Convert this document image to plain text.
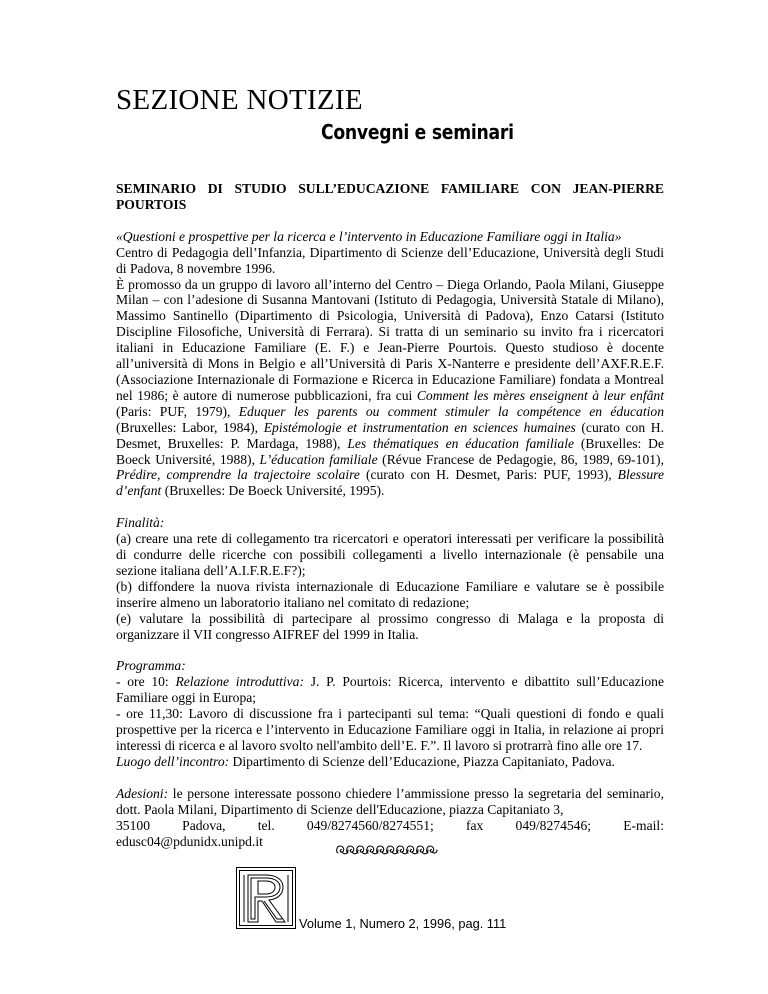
SEZIONE NOTIZIE
Convegni e seminari
SEMINARIO DI STUDIO SULL’EDUCAZIONE FAMILIARE CON JEAN-PIERRE POURTOIS
«Questioni e prospettive per la ricerca e l’intervento in Educazione Familiare oggi in Italia»
Centro di Pedagogia dell’Infanzia, Dipartimento di Scienze dell’Educazione, Università degli Studi di Padova, 8 novembre 1996.
È promosso da un gruppo di lavoro all’interno del Centro – Diega Orlando, Paola Milani, Giuseppe Milan – con l’adesione di Susanna Mantovani (Istituto di Pedagogia, Università Statale di Milano), Massimo Santinello (Dipartimento di Psicologia, Università di Padova), Enzo Catarsi (Istituto Discipline Filosofiche, Università di Ferrara). Si tratta di un seminario su invito fra i ricercatori italiani in Educazione Familiare (E. F.) e Jean-Pierre Pourtois. Questo studioso è docente all’università di Mons in Belgio e all’Università di Paris X-Nanterre e presidente dell’AXF.R.E.F. (Associazione Internazionale di Formazione e Ricerca in Educazione Familiare) fondata a Montreal nel 1986; è autore di numerose pubblicazioni, fra cui Comment les mères enseignent à leur enfânt (Paris: PUF, 1979), Eduquer les parents ou comment stimuler la compétence en éducation (Bruxelles: Labor, 1984), Epistémologie et instrumentation en sciences humaines (curato con H. Desmet, Bruxelles: P. Mardaga, 1988), Les thématiques en éducation familiale (Bruxelles: De Boeck Université, 1988), L’éducation familiale (Révue Francese de Pedagogie, 86, 1989, 69-101), Prédire, comprendre la trajectoire scolaire (curato con H. Desmet, Paris: PUF, 1993), Blessure d’enfant (Bruxelles: De Boeck Université, 1995).
Finalità:
(a) creare una rete di collegamento tra ricercatori e operatori interessati per verificare la possibilità di condurre delle ricerche con possibili collegamenti a livello internazionale (è pensabile una sezione italiana dell’A.I.F.R.E.F?);
(b) diffondere la nuova rivista internazionale di Educazione Familiare e valutare se è possibile inserire almeno un laboratorio italiano nel comitato di redazione;
(e) valutare la possibilità di partecipare al prossimo congresso di Malaga e la proposta di organizzare il VII congresso AIFREF del 1999 in Italia.
Programma:
- ore 10: Relazione introduttiva: J. P. Pourtois: Ricerca, intervento e dibattito sull’Educazione Familiare oggi in Europa;
- ore 11,30: Lavoro di discussione fra i partecipanti sul tema: “Quali questioni di fondo e quali prospettive per la ricerca e l’intervento in Educazione Familiare oggi in Italia, in relazione ai propri interessi di ricerca e al lavoro svolto nell'ambito dell’E. F.”. Il lavoro si protrarrà fino alle ore 17.
Luogo dell’incontro: Dipartimento di Scienze dell’Educazione, Piazza Capitaniato, Padova.
Adesioni: le persone interessate possono chiedere l’ammissione presso la segretaria del seminario, dott. Paola Milani, Dipartimento di Scienze dell'Educazione, piazza Capitaniato 3,
35100 Padova, tel. 049/8274560/8274551; fax 049/8274546; E-mail:
edusc04@pdunidx.unipd.it
Volume 1, Numero 2, 1996, pag. 111
